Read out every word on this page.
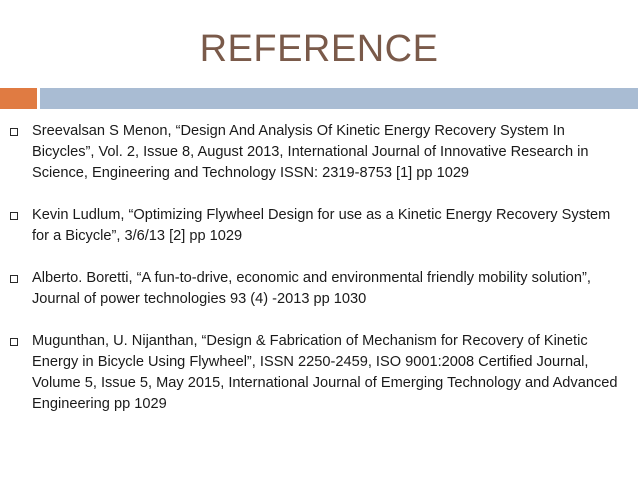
REFERENCE
Sreevalsan S Menon, “Design And Analysis Of Kinetic Energy Recovery System In Bicycles”, Vol. 2, Issue 8, August 2013, International Journal of Innovative Research in Science, Engineering and Technology ISSN: 2319-8753 [1] pp 1029
Kevin Ludlum, “Optimizing Flywheel Design for use as a Kinetic Energy Recovery System for a Bicycle”, 3/6/13 [2] pp 1029
Alberto. Boretti, “A fun-to-drive, economic and environmental friendly mobility solution”, Journal of power technologies 93 (4) -2013 pp 1030
Mugunthan, U. Nijanthan, “Design & Fabrication of Mechanism for Recovery of Kinetic Energy in Bicycle Using Flywheel”, ISSN 2250-2459, ISO 9001:2008 Certified Journal, Volume 5, Issue 5, May 2015, International Journal of Emerging Technology and Advanced Engineering pp 1029
